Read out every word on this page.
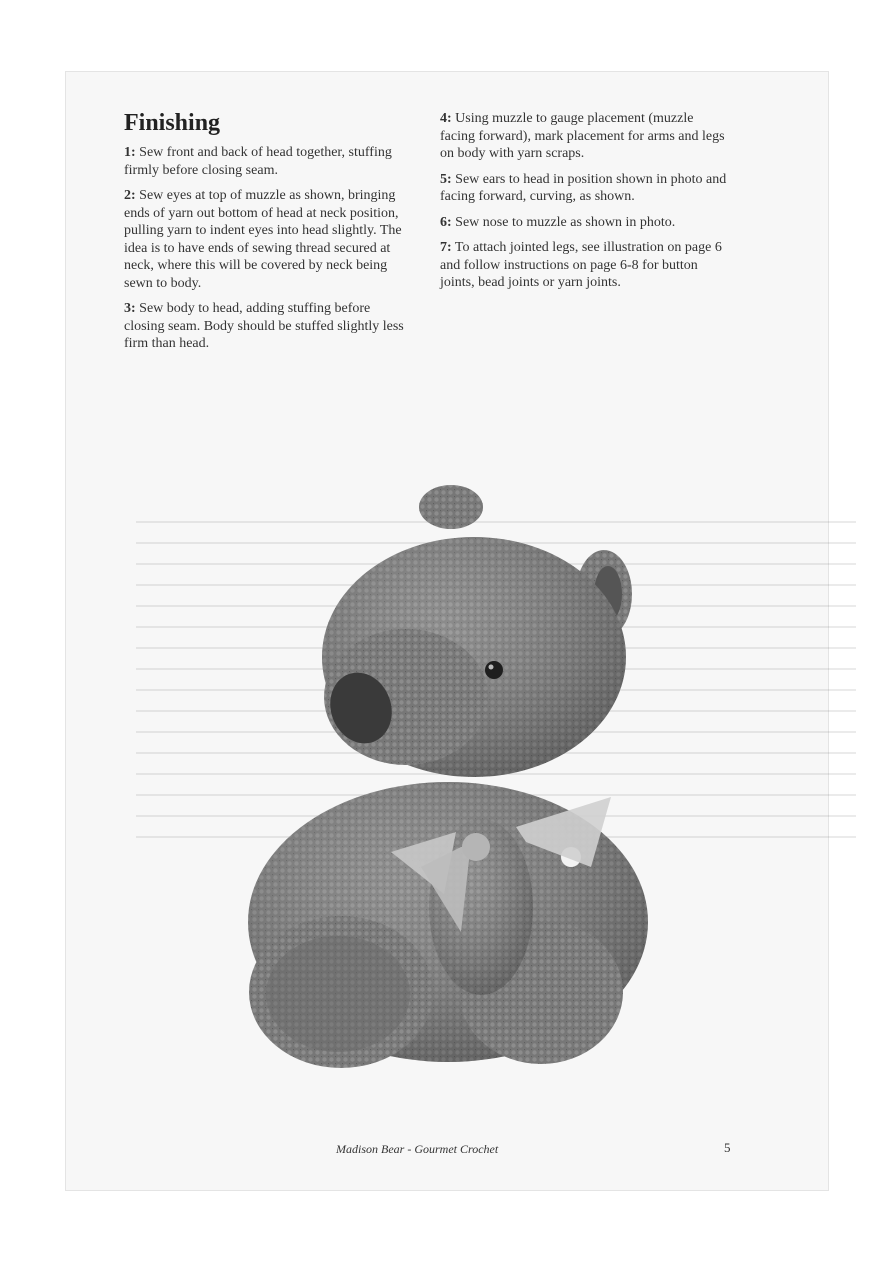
Finishing

1: Sew front and back of head together, stuffing firmly before closing seam.

2: Sew eyes at top of muzzle as shown, bringing ends of yarn out bottom of head at neck position, pulling yarn to indent eyes into head slightly. The idea is to have ends of sewing thread secured at neck, where this will be covered by neck being sewn to body.

3: Sew body to head, adding stuffing before closing seam. Body should be stuffed slightly less firm than head.

4: Using muzzle to gauge placement (muzzle facing forward), mark placement for arms and legs on body with yarn scraps.

5: Sew ears to head in position shown in photo and facing forward, curving, as shown.

6: Sew nose to muzzle as shown in photo.

7: To attach jointed legs, see illustration on page 6 and follow instructions on page 6-8 for button joints, bead joints or yarn joints.

Madison Bear - Gourmet Crochet	5
